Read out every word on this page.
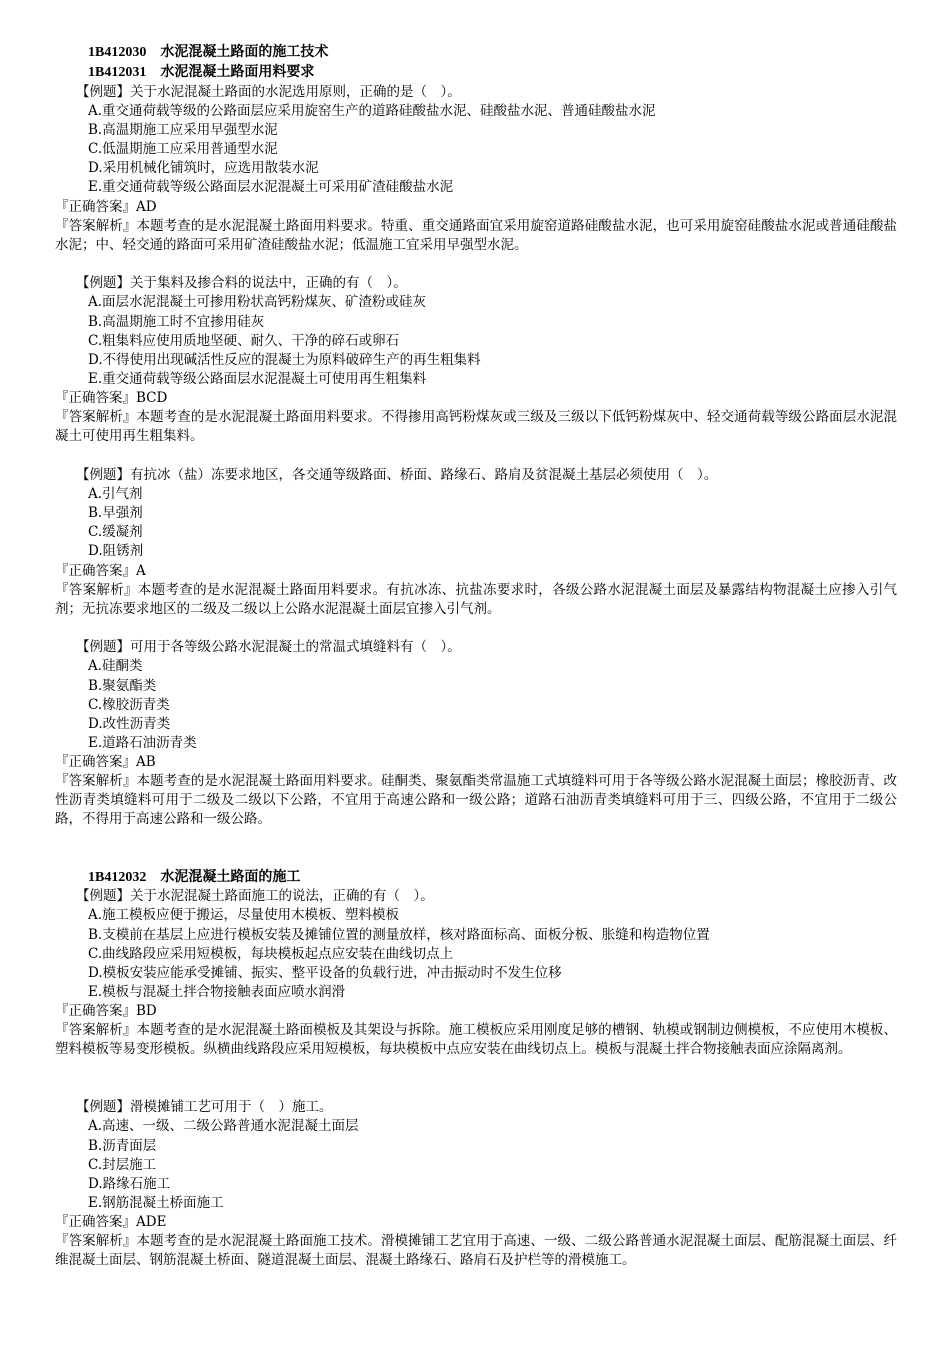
1B412030　水泥混凝土路面的施工技术
1B412031　水泥混凝土路面用料要求
【例题】关于水泥混凝土路面的水泥选用原则，正确的是（　）。
A.重交通荷载等级的公路面层应采用旋窑生产的道路硅酸盐水泥、硅酸盐水泥、普通硅酸盐水泥
B.高温期施工应采用早强型水泥
C.低温期施工应采用普通型水泥
D.采用机械化铺筑时，应选用散装水泥
E.重交通荷载等级公路面层水泥混凝土可采用矿渣硅酸盐水泥
『正确答案』AD
『答案解析』本题考查的是水泥混凝土路面用料要求。特重、重交通路面宜采用旋窑道路硅酸盐水泥，也可采用旋窑硅酸盐水泥或普通硅酸盐水泥；中、轻交通的路面可采用矿渣硅酸盐水泥；低温施工宜采用早强型水泥。
【例题】关于集料及掺合料的说法中，正确的有（　）。
A.面层水泥混凝土可掺用粉状高钙粉煤灰、矿渣粉或硅灰
B.高温期施工时不宜掺用硅灰
C.粗集料应使用质地坚硬、耐久、干净的碎石或卵石
D.不得使用出现碱活性反应的混凝土为原料破碎生产的再生粗集料
E.重交通荷载等级公路面层水泥混凝土可使用再生粗集料
『正确答案』BCD
『答案解析』本题考查的是水泥混凝土路面用料要求。不得掺用高钙粉煤灰或三级及三级以下低钙粉煤灰中、轻交通荷载等级公路面层水泥混凝土可使用再生粗集料。
【例题】有抗冰（盐）冻要求地区，各交通等级路面、桥面、路缘石、路肩及贫混凝土基层必须使用（　）。
A.引气剂
B.早强剂
C.缓凝剂
D.阻锈剂
『正确答案』A
『答案解析』本题考查的是水泥混凝土路面用料要求。有抗冰冻、抗盐冻要求时，各级公路水泥混凝土面层及暴露结构物混凝土应掺入引气剂；无抗冻要求地区的二级及二级以上公路水泥混凝土面层宜掺入引气剂。
【例题】可用于各等级公路水泥混凝土的常温式填缝料有（　）。
A.硅酮类
B.聚氨酯类
C.橡胶沥青类
D.改性沥青类
E.道路石油沥青类
『正确答案』AB
『答案解析』本题考查的是水泥混凝土路面用料要求。硅酮类、聚氨酯类常温施工式填缝料可用于各等级公路水泥混凝土面层；橡胶沥青、改性沥青类填缝料可用于二级及二级以下公路，不宜用于高速公路和一级公路；道路石油沥青类填缝料可用于三、四级公路，不宜用于二级公路，不得用于高速公路和一级公路。
1B412032　水泥混凝土路面的施工
【例题】关于水泥混凝土路面施工的说法，正确的有（　）。
A.施工模板应便于搬运，尽量使用木模板、塑料模板
B.支模前在基层上应进行模板安装及摊铺位置的测量放样，核对路面标高、面板分板、胀缝和构造物位置
C.曲线路段应采用短模板，每块模板起点应安装在曲线切点上
D.模板安装应能承受摊铺、振实、整平设备的负载行进，冲击振动时不发生位移
E.模板与混凝土拌合物接触表面应喷水润滑
『正确答案』BD
『答案解析』本题考查的是水泥混凝土路面模板及其架设与拆除。施工模板应采用刚度足够的槽钢、轨模或钢制边侧模板，不应使用木模板、塑料模板等易变形模板。纵横曲线路段应采用短模板，每块模板中点应安装在曲线切点上。模板与混凝土拌合物接触表面应涂隔离剂。
【例题】滑模摊铺工艺可用于（　）施工。
A.高速、一级、二级公路普通水泥混凝土面层
B.沥青面层
C.封层施工
D.路缘石施工
E.钢筋混凝土桥面施工
『正确答案』ADE
『答案解析』本题考查的是水泥混凝土路面施工技术。滑模摊铺工艺宜用于高速、一级、二级公路普通水泥混凝土面层、配筋混凝土面层、纤维混凝土面层、钢筋混凝土桥面、隧道混凝土面层、混凝土路缘石、路肩石及护栏等的滑模施工。
